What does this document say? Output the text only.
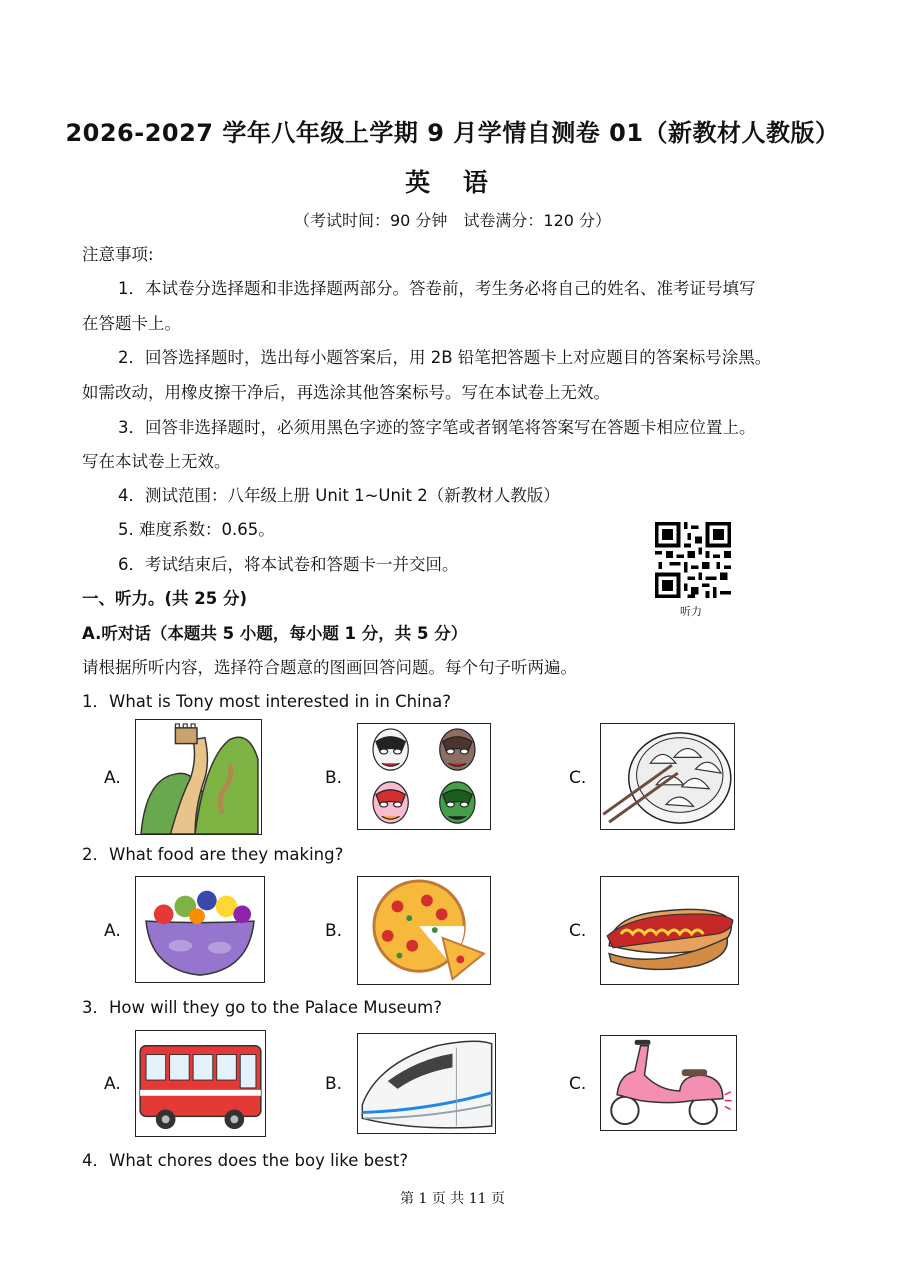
2026-2027 学年八年级上学期 9 月学情自测卷 01（新教材人教版）
英 语
（考试时间：90 分钟　试卷满分：120 分）
注意事项:
1．本试卷分选择题和非选择题两部分。答卷前，考生务必将自己的姓名、准考证号填写
在答题卡上。
2．回答选择题时，选出每小题答案后，用 2B 铅笔把答题卡上对应题目的答案标号涂黑。
如需改动，用橡皮擦干净后，再选涂其他答案标号。写在本试卷上无效。
3．回答非选择题时，必须用黑色字迹的签字笔或者钢笔将答案写在答题卡相应位置上。
写在本试卷上无效。
4．测试范围：八年级上册 Unit 1~Unit 2（新教材人教版）
5. 难度系数：0.65。
6．考试结束后，将本试卷和答题卡一并交回。
听力
一、听力。(共 25 分)
A.听对话（本题共 5 小题，每小题 1 分，共 5 分）
请根据所听内容，选择符合题意的图画回答问题。每个句子听两遍。
1．What is Tony most interested in in China?
A.	B.	C.
2．What food are they making?
A.	B.	C.
3．How will they go to the Palace Museum?
A.	B.	C.
4．What chores does the boy like best?
第 1 页 共 11 页
